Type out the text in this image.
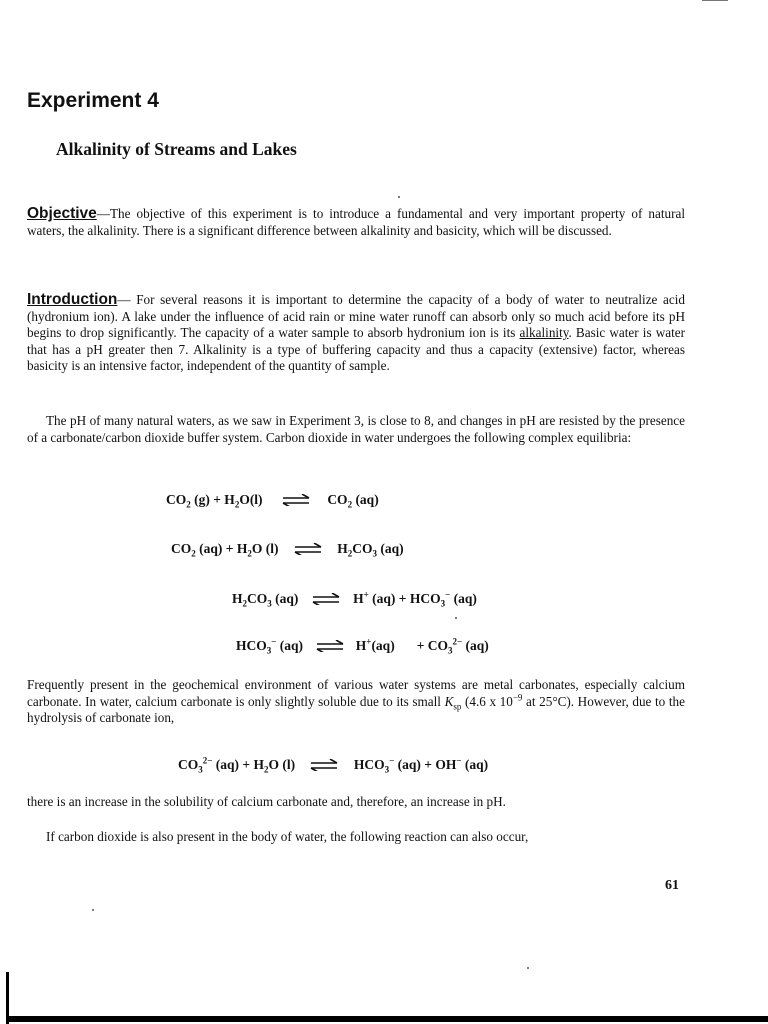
Experiment 4
Alkalinity of Streams and Lakes
Objective—The objective of this experiment is to introduce a fundamental and very important property of natural waters, the alkalinity. There is a significant difference between alkalinity and basicity, which will be discussed.
Introduction— For several reasons it is important to determine the capacity of a body of water to neutralize acid (hydronium ion). A lake under the influence of acid rain or mine water runoff can absorb only so much acid before its pH begins to drop significantly. The capacity of a water sample to absorb hydronium ion is its alkalinity. Basic water is water that has a pH greater then 7. Alkalinity is a type of buffering capacity and thus a capacity (extensive) factor, whereas basicity is an intensive factor, independent of the quantity of sample.
The pH of many natural waters, as we saw in Experiment 3, is close to 8, and changes in pH are resisted by the presence of a carbonate/carbon dioxide buffer system. Carbon dioxide in water undergoes the following complex equilibria:
$CO_2$ $(g) + H_2O(l)$ ⇌ $CO_2$ (aq)
$CO_2$ $(aq) + H_2O$ (l) ⇌ $H_2CO_3$ (aq)
$H_2CO_3$ (aq) ⇌ H+ $(aq) + HCO_3^-$ (aq)
$HCO_3^-$ (aq) ⇌ $H^+(aq) + CO_3^{2-}$ (aq)
Frequently present in the geochemical environment of various water systems are metal carbonates, especially calcium carbonate. In water, calcium carbonate is only slightly soluble due to its small $K_{sp}$ (4.6 x $10^{-9}$ at 25°C). However, due to the hydrolysis of carbonate ion,
$CO_3^{2-}$ $(aq) + H_2O$ (l) ⇌ $HCO_3^-$ (aq) + OH− (aq)
there is an increase in the solubility of calcium carbonate and, therefore, an increase in pH.
If carbon dioxide is also present in the body of water, the following reaction can also occur,
61
